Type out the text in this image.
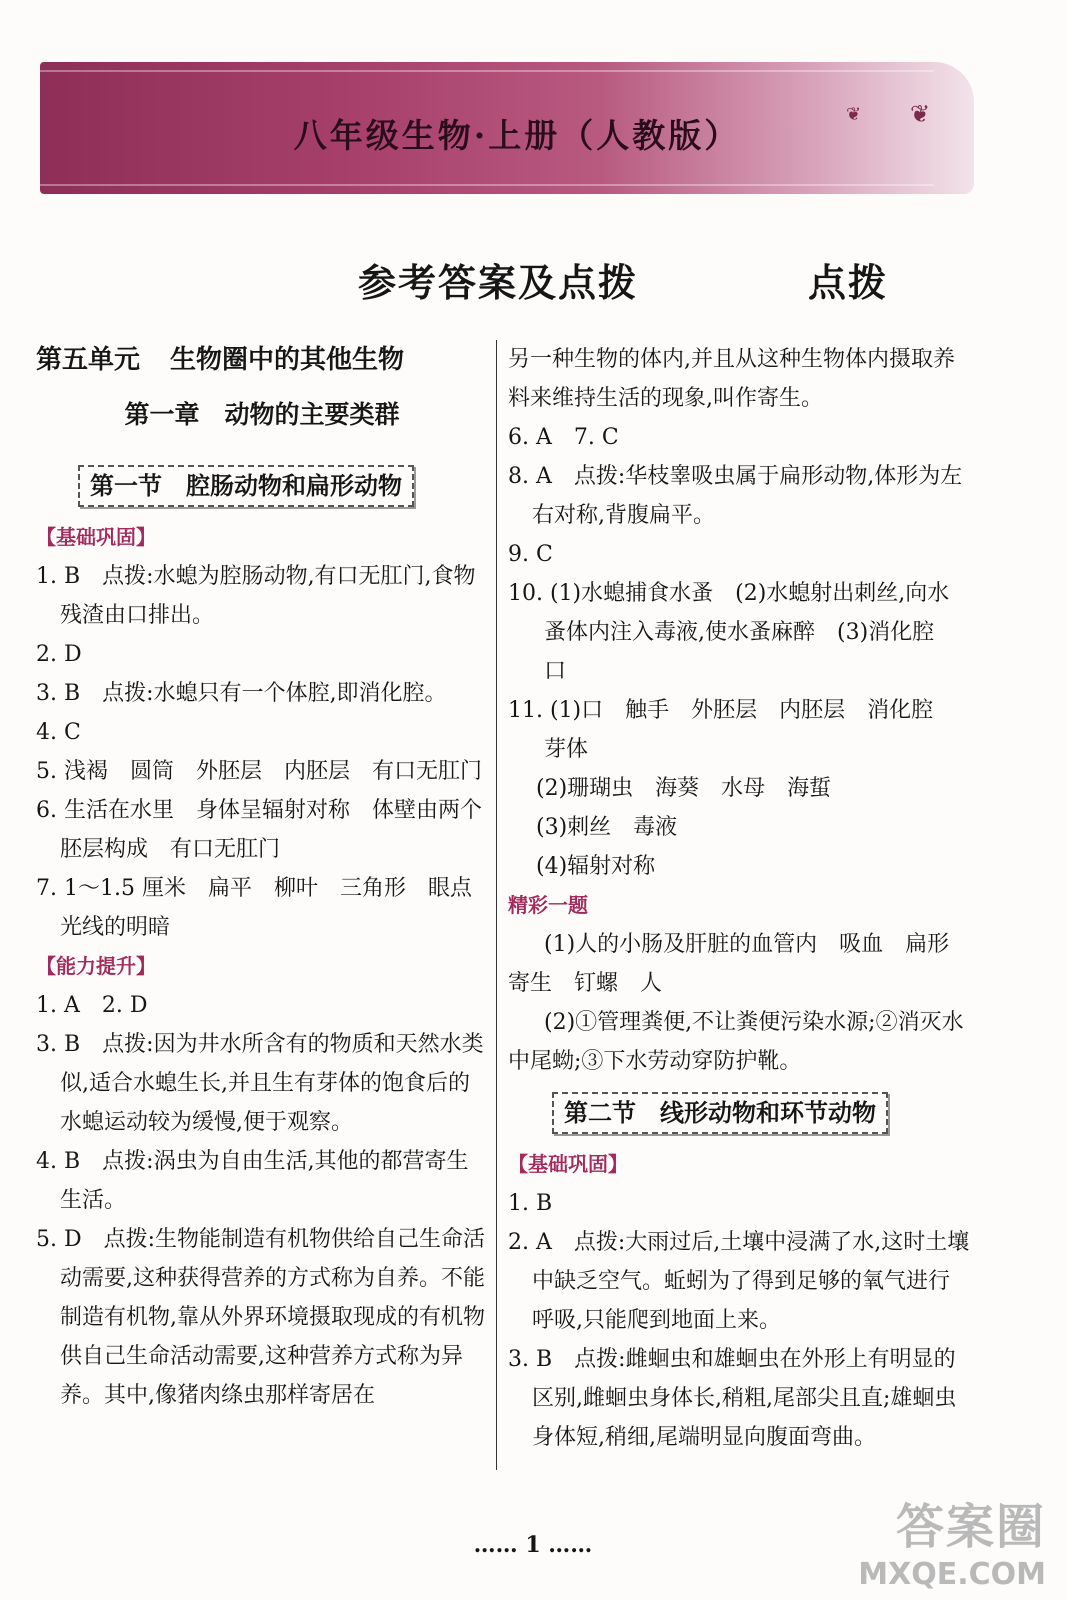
八年级生物·上册（人教版）
❦
❦
参考答案及点拨	点拨
第五单元 生物圈中的其他生物
第一章　动物的主要类群
第一节　腔肠动物和扁形动物
【基础巩固】
1. B　点拨:水螅为腔肠动物,有口无肛门,食物残渣由口排出。
2. D
3. B　点拨:水螅只有一个体腔,即消化腔。
4. C
5. 浅褐　圆筒　外胚层　内胚层　有口无肛门
6. 生活在水里　身体呈辐射对称　体壁由两个胚层构成　有口无肛门
7. 1～1.5 厘米　扁平　柳叶　三角形　眼点　光线的明暗
【能力提升】
1. A　2. D
3. B　点拨:因为井水所含有的物质和天然水类似,适合水螅生长,并且生有芽体的饱食后的水螅运动较为缓慢,便于观察。
4. B　点拨:涡虫为自由生活,其他的都营寄生生活。
5. D　点拨:生物能制造有机物供给自己生命活动需要,这种获得营养的方式称为自养。不能制造有机物,靠从外界环境摄取现成的有机物供自己生命活动需要,这种营养方式称为异养。其中,像猪肉绦虫那样寄居在
另一种生物的体内,并且从这种生物体内摄取养料来维持生活的现象,叫作寄生。
6. A　7. C
8. A　点拨:华枝睾吸虫属于扁形动物,体形为左右对称,背腹扁平。
9. C
10. (1)水螅捕食水蚤　(2)水螅射出刺丝,向水蚤体内注入毒液,使水蚤麻醉　(3)消化腔　口
11. (1)口　触手　外胚层　内胚层　消化腔　芽体
(2)珊瑚虫　海葵　水母　海蜇
(3)刺丝　毒液
(4)辐射对称
精彩一题
(1)人的小肠及肝脏的血管内　吸血　扁形　寄生　钉螺　人
(2)①管理粪便,不让粪便污染水源;②消灭水中尾蚴;③下水劳动穿防护靴。
第二节　线形动物和环节动物
【基础巩固】
1. B
2. A　点拨:大雨过后,土壤中浸满了水,这时土壤中缺乏空气。蚯蚓为了得到足够的氧气进行呼吸,只能爬到地面上来。
3. B　点拨:雌蛔虫和雄蛔虫在外形上有明显的区别,雌蛔虫身体长,稍粗,尾部尖且直;雄蛔虫身体短,稍细,尾端明显向腹面弯曲。
…… 1 ……	答案圈
MXQE.COM
